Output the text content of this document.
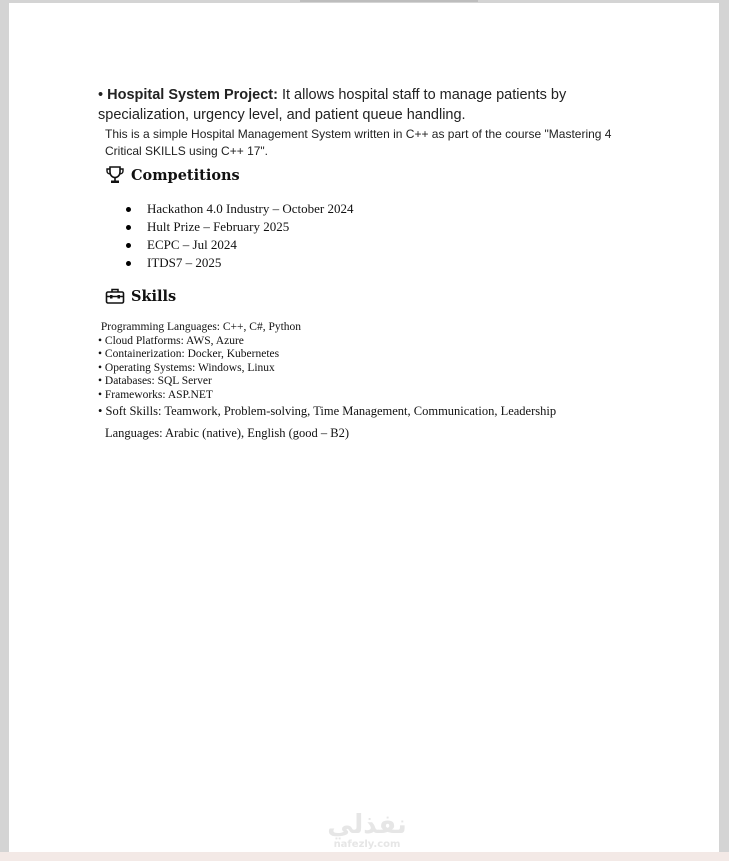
• Hospital System Project: It allows hospital staff to manage patients by specialization, urgency level, and patient queue handling.
This is a simple Hospital Management System written in C++ as part of the course "Mastering 4 Critical SKILLS using C++ 17".
Competitions
Hackathon 4.0 Industry – October 2024
Hult Prize – February 2025
ECPC – Jul 2024
ITDS7 – 2025
Skills
Programming Languages: C++, C#, Python
• Cloud Platforms: AWS, Azure
• Containerization: Docker, Kubernetes
• Operating Systems: Windows, Linux
• Databases: SQL Server
• Frameworks: ASP.NET
• Soft Skills: Teamwork, Problem-solving, Time Management, Communication, Leadership
Languages: Arabic (native), English (good – B2)
نفذلي
nafezly.com
